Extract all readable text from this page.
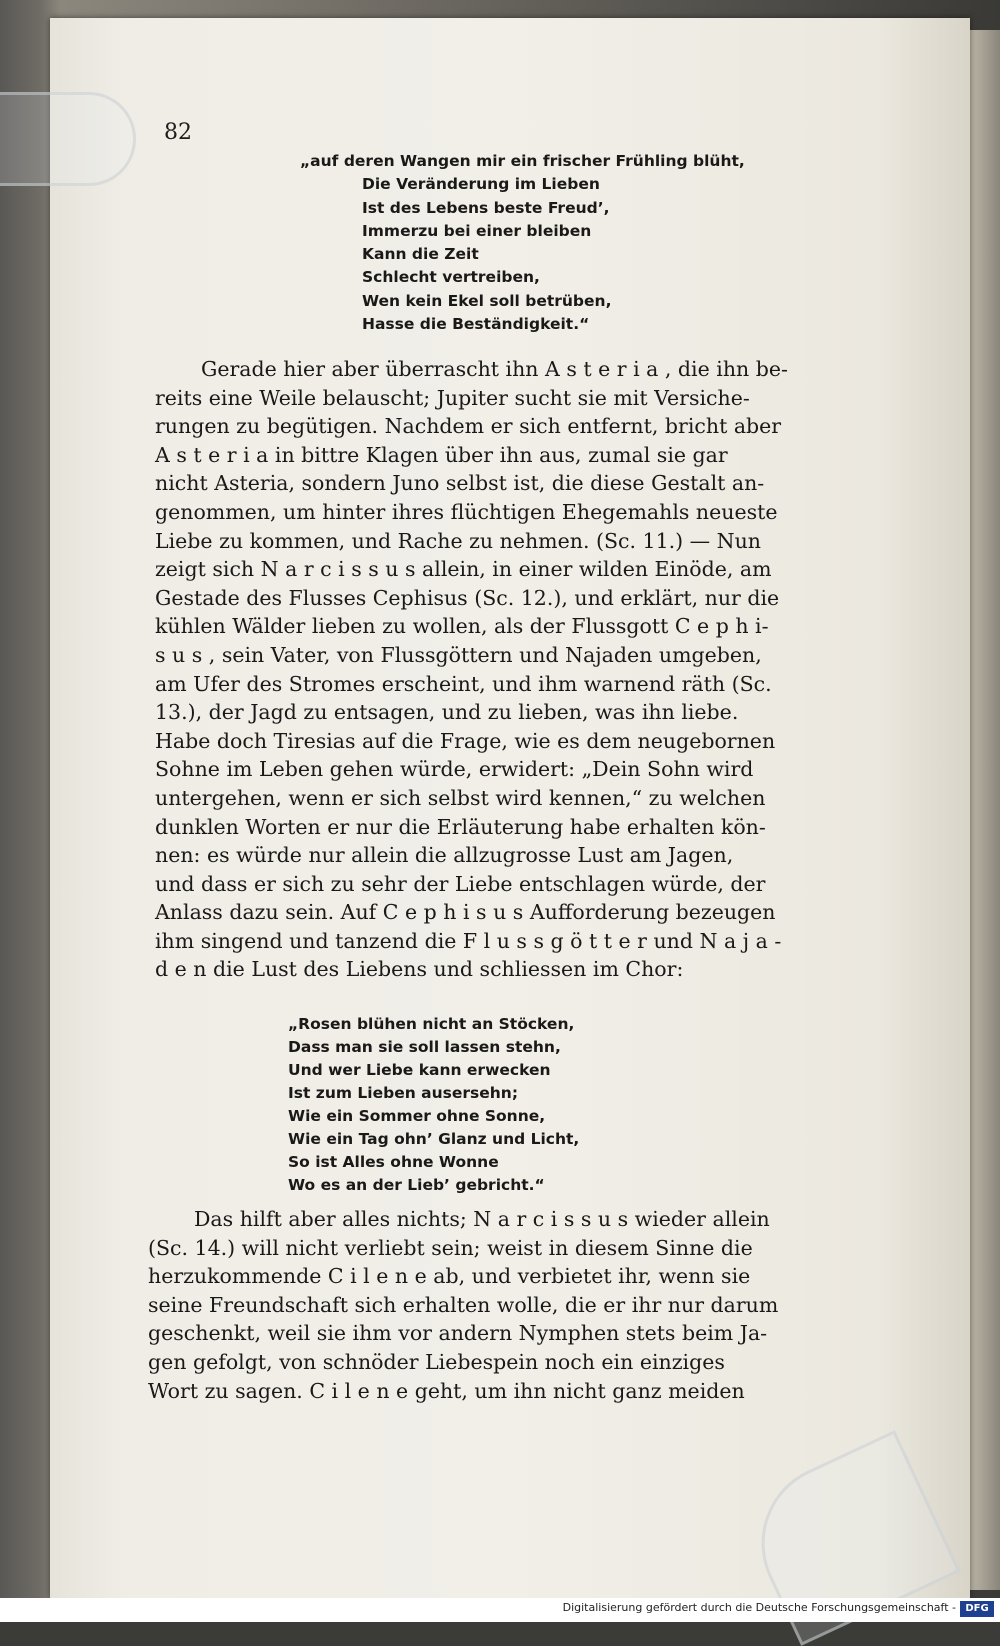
82
„auf deren Wangen mir ein frischer Frühling blüht,
Die Veränderung im Lieben
Ist des Lebens beste Freud’,
Immerzu bei einer bleiben
Kann die Zeit
Schlecht vertreiben,
Wen kein Ekel soll betrüben,
Hasse die Beständigkeit.“
Gerade hier aber überrascht ihn A s t e r i a , die ihn be-
reits eine Weile belauscht; Jupiter sucht sie mit Versiche-
rungen zu begütigen. Nachdem er sich entfernt, bricht aber
A s t e r i a in bittre Klagen über ihn aus, zumal sie gar
nicht Asteria, sondern Juno selbst ist, die diese Gestalt an-
genommen, um hinter ihres flüchtigen Ehegemahls neueste
Liebe zu kommen, und Rache zu nehmen. (Sc. 11.) — Nun
zeigt sich N a r c i s s u s allein, in einer wilden Einöde, am
Gestade des Flusses Cephisus (Sc. 12.), und erklärt, nur die
kühlen Wälder lieben zu wollen, als der Flussgott C e p h i-
s u s , sein Vater, von Flussgöttern und Najaden umgeben,
am Ufer des Stromes erscheint, und ihm warnend räth (Sc.
13.), der Jagd zu entsagen, und zu lieben, was ihn liebe.
Habe doch Tiresias auf die Frage, wie es dem neugebornen
Sohne im Leben gehen würde, erwidert: „Dein Sohn wird
untergehen, wenn er sich selbst wird kennen,“ zu welchen
dunklen Worten er nur die Erläuterung habe erhalten kön-
nen: es würde nur allein die allzugrosse Lust am Jagen,
und dass er sich zu sehr der Liebe entschlagen würde, der
Anlass dazu sein. Auf C e p h i s u s Aufforderung bezeugen
ihm singend und tanzend die F l u s s g ö t t e r und N a j a -
d e n die Lust des Liebens und schliessen im Chor:
„Rosen blühen nicht an Stöcken,
Dass man sie soll lassen stehn,
Und wer Liebe kann erwecken
Ist zum Lieben ausersehn;
Wie ein Sommer ohne Sonne,
Wie ein Tag ohn’ Glanz und Licht,
So ist Alles ohne Wonne
Wo es an der Lieb’ gebricht.“
Das hilft aber alles nichts; N a r c i s s u s wieder allein
(Sc. 14.) will nicht verliebt sein; weist in diesem Sinne die
herzukommende C i l e n e ab, und verbietet ihr, wenn sie
seine Freundschaft sich erhalten wolle, die er ihr nur darum
geschenkt, weil sie ihm vor andern Nymphen stets beim Ja-
gen gefolgt, von schnöder Liebespein noch ein einziges
Wort zu sagen. C i l e n e geht, um ihn nicht ganz meiden
Digitalisierung gefördert durch die Deutsche Forschungsgemeinschaft - DFG
